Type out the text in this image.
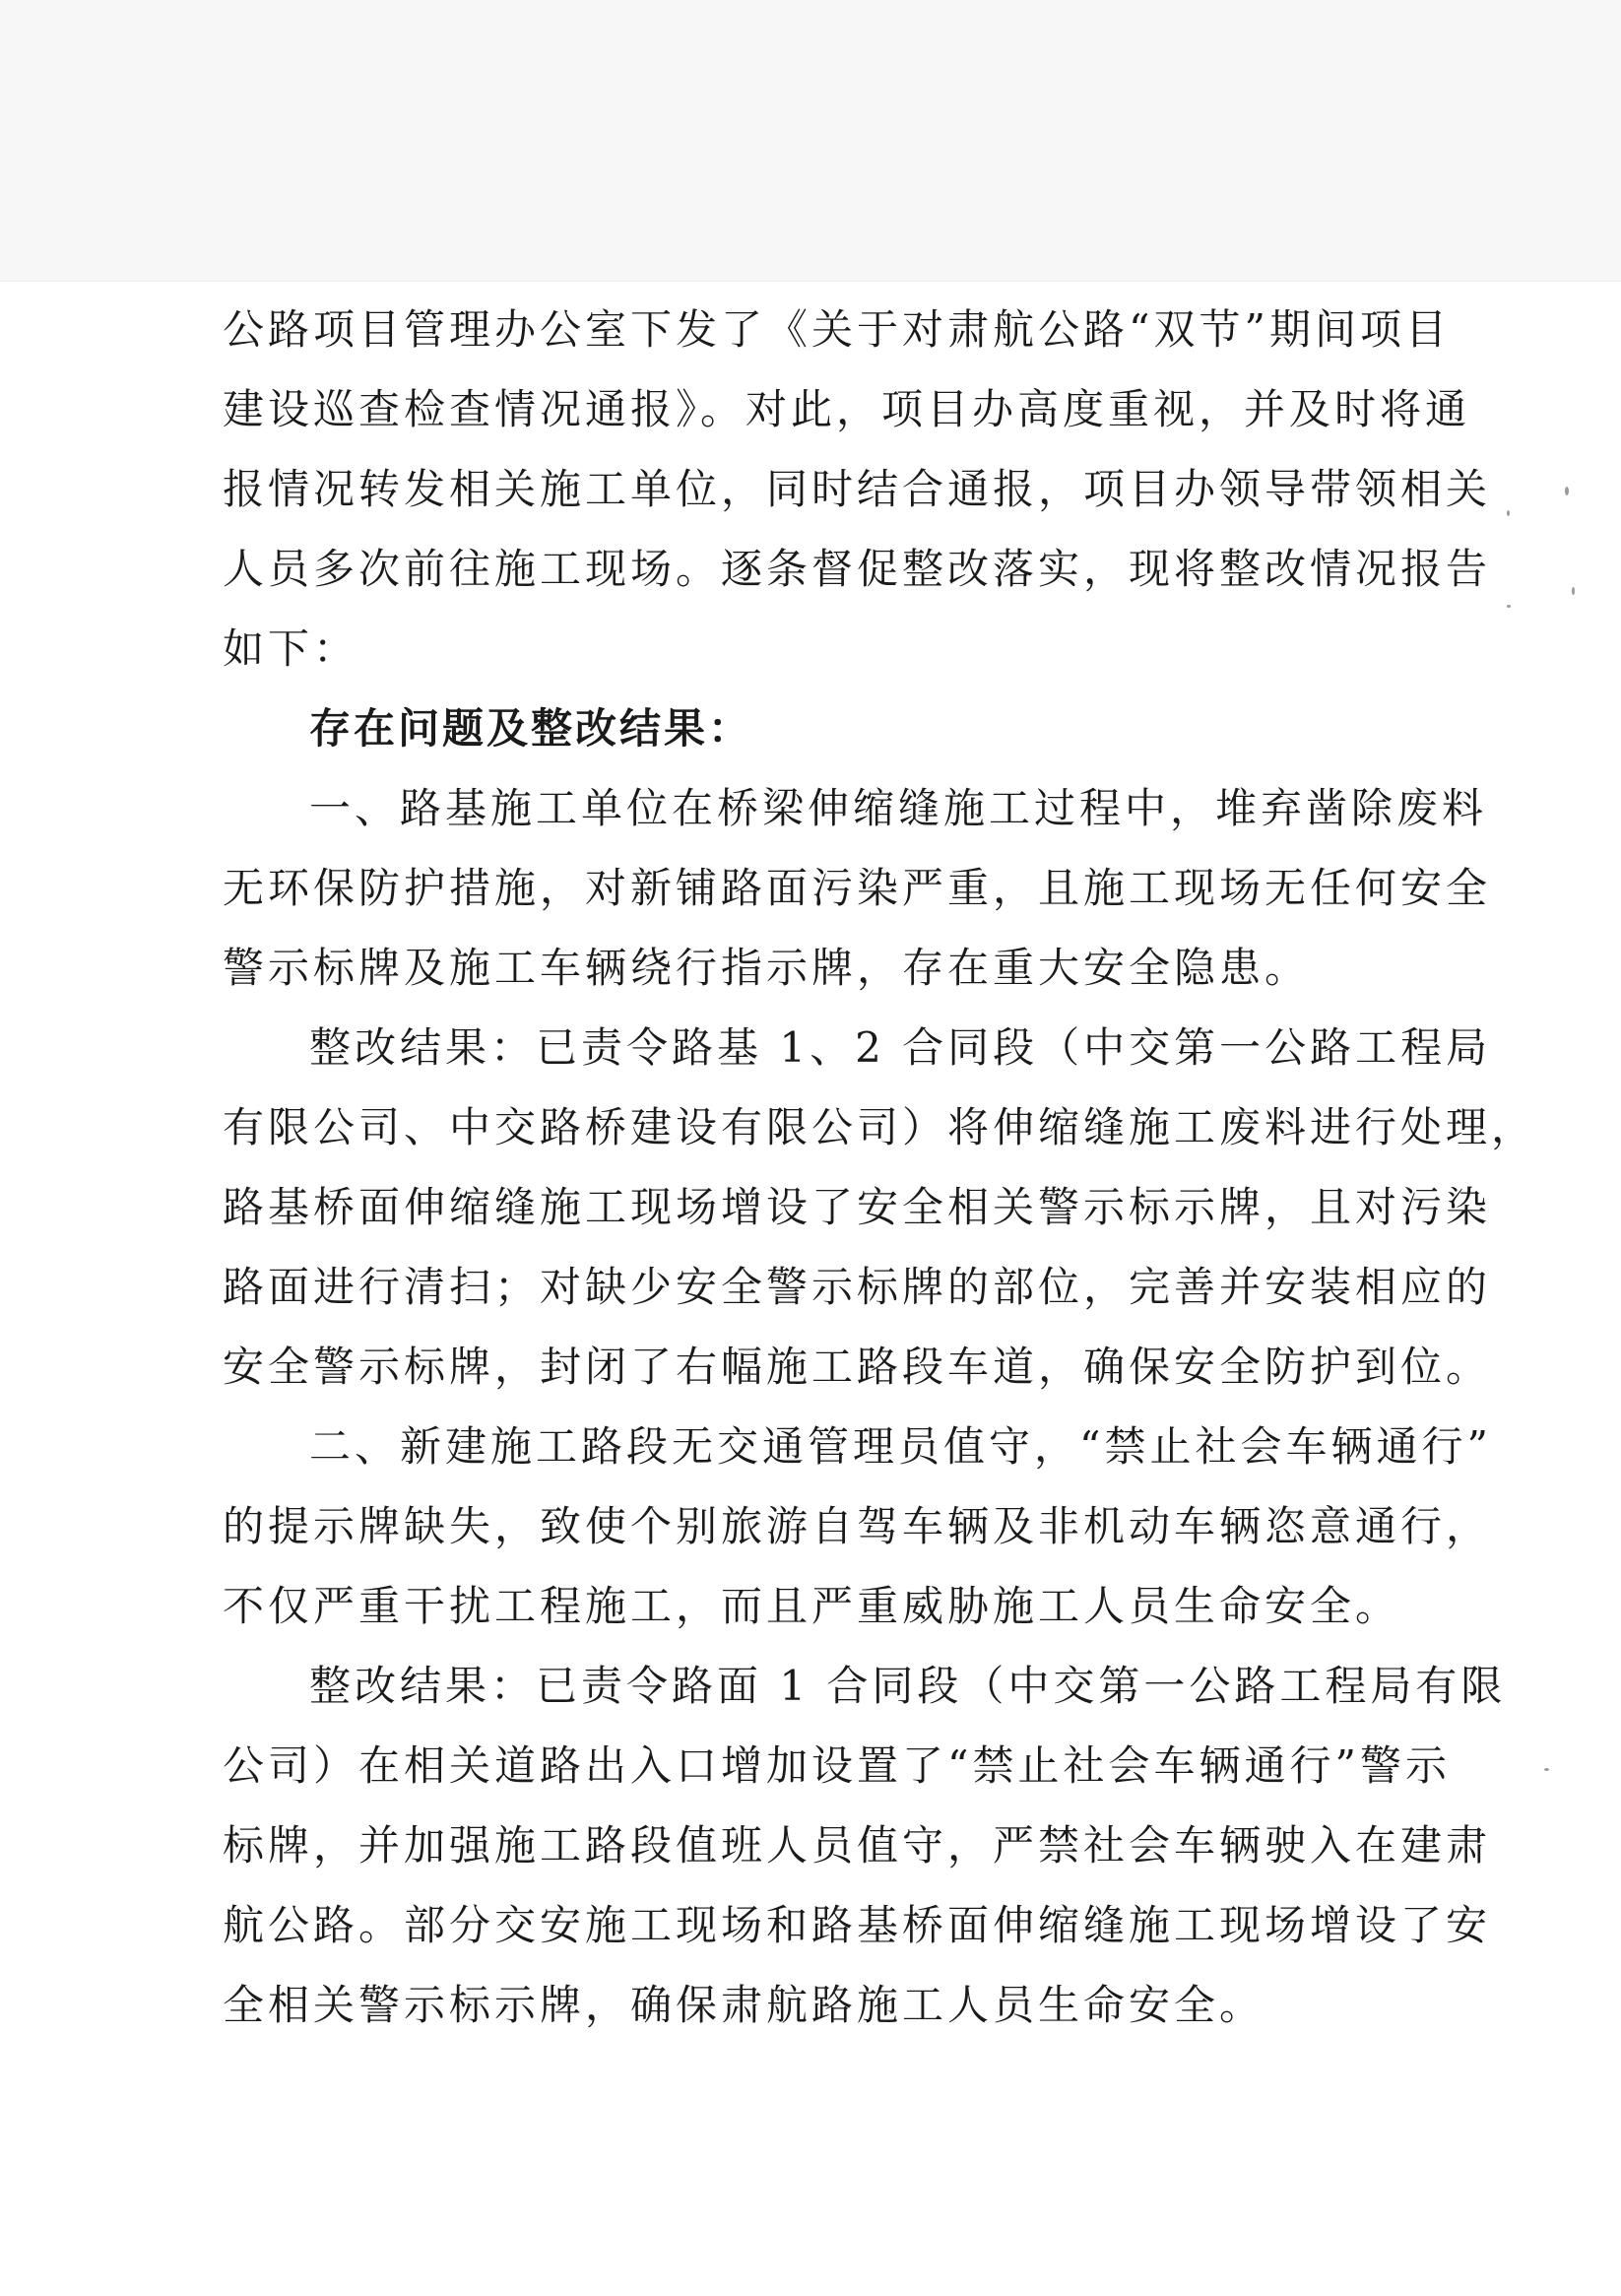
公路项目管理办公室下发了《关于对肃航公路“双节”期间项目
建设巡查检查情况通报》。对此，项目办高度重视，并及时将通
报情况转发相关施工单位，同时结合通报，项目办领导带领相关
人员多次前往施工现场。逐条督促整改落实，现将整改情况报告
如下：
存在问题及整改结果：
一、路基施工单位在桥梁伸缩缝施工过程中，堆弃凿除废料
无环保防护措施，对新铺路面污染严重，且施工现场无任何安全
警示标牌及施工车辆绕行指示牌，存在重大安全隐患。
整改结果：已责令路基 1、2 合同段（中交第一公路工程局
有限公司、中交路桥建设有限公司）将伸缩缝施工废料进行处理，
路基桥面伸缩缝施工现场增设了安全相关警示标示牌，且对污染
路面进行清扫；对缺少安全警示标牌的部位，完善并安装相应的
安全警示标牌，封闭了右幅施工路段车道，确保安全防护到位。
二、新建施工路段无交通管理员值守，“禁止社会车辆通行”
的提示牌缺失，致使个别旅游自驾车辆及非机动车辆恣意通行，
不仅严重干扰工程施工，而且严重威胁施工人员生命安全。
整改结果：已责令路面 1 合同段（中交第一公路工程局有限
公司）在相关道路出入口增加设置了“禁止社会车辆通行”警示
标牌，并加强施工路段值班人员值守，严禁社会车辆驶入在建肃
航公路。部分交安施工现场和路基桥面伸缩缝施工现场增设了安
全相关警示标示牌，确保肃航路施工人员生命安全。
